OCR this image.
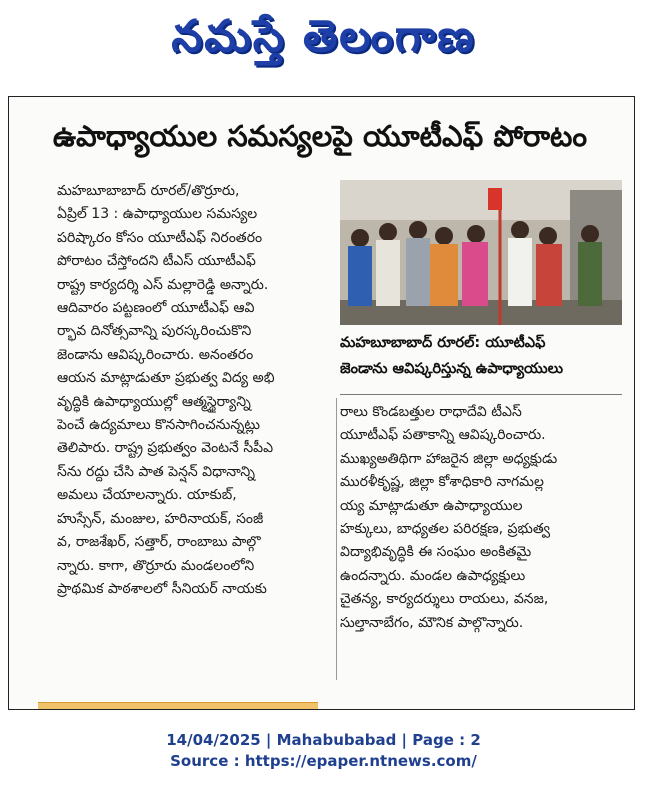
నమస్తే తెలంగాణ
ఉపాధ్యాయుల సమస్యలపై యూటీఎఫ్ పోరాటం
మహబూబాబాద్ రూరల్/తొర్రూరు,
ఏప్రిల్ 13 : ఉపాధ్యాయుల సమస్యల
పరిష్కారం కోసం యూటీఎఫ్ నిరంతరం
పోరాటం చేస్తోందని టీఎస్ యూటీఎఫ్
రాష్ట్ర కార్యదర్శి ఎస్ మల్లారెడ్డి అన్నారు.
ఆదివారం పట్టణంలో యూటీఎఫ్ ఆవి
ర్భావ దినోత్సవాన్ని పురస్కరించుకొని
జెండాను ఆవిష్కరించారు. అనంతరం
ఆయన మాట్లాడుతూ ప్రభుత్వ విద్య అభి
వృద్ధికి ఉపాధ్యాయుల్లో ఆత్మస్థైర్యాన్ని
పెంచే ఉద్యమాలు కొనసాగించనున్నట్లు
తెలిపారు. రాష్ట్ర ప్రభుత్వం వెంటనే సీపీఎ
స్‌ను రద్దు చేసి పాత పెన్షన్ విధానాన్ని
అమలు చేయాలన్నారు. యాకుబ్,
హుస్సేన్, మంజుల, హరినాయక్, సంజీ
వ, రాజశేఖర్, సత్తార్, రాంబాబు పాల్గొ
న్నారు. కాగా, తొర్రూరు మండలంలోని
ప్రాథమిక పాఠశాలలో సీనియర్ నాయకు
మహబూబాబాద్ రూరల్: యూటీఎఫ్
జెండాను ఆవిష్కరిస్తున్న ఉపాధ్యాయులు
రాలు కొండబత్తుల రాధాదేవి టీఎస్
యూటీఎఫ్ పతాకాన్ని ఆవిష్కరించారు.
ముఖ్యఅతిథిగా హాజరైన జిల్లా అధ్యక్షుడు
మురళీకృష్ణ, జిల్లా కోశాధికారి నాగమల్ల
య్య మాట్లాడుతూ ఉపాధ్యాయుల
హక్కులు, బాధ్యతల పరిరక్షణ, ప్రభుత్వ
విద్యాభివృద్ధికి ఈ సంఘం అంకితమై
ఉందన్నారు. మండల ఉపాధ్యక్షులు
చైతన్య, కార్యదర్శులు రాయలు, వనజ,
సుల్తానాబేగం, మౌనిక పాల్గొన్నారు.
14/04/2025 | Mahabubabad | Page : 2
Source : https://epaper.ntnews.com/
